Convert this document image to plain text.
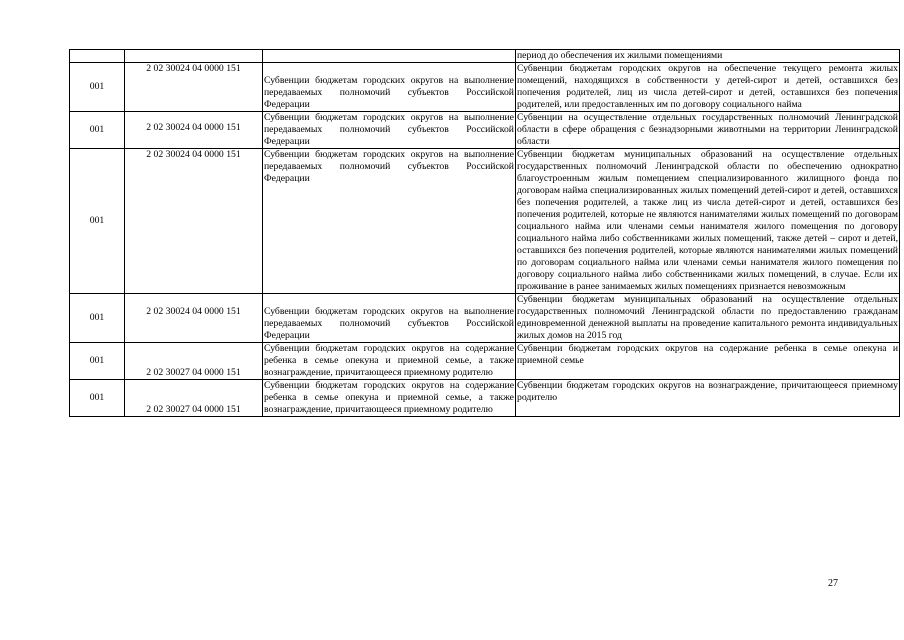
			период до обеспечения их жилыми помещениями
001	2 02 30024 04 0000 151	Субвенции бюджетам городских округов на выполнение передаваемых полномочий субъектов Российской Федерации	Субвенции бюджетам городских округов на обеспечение текущего ремонта жилых помещений, находящихся в собственности у детей-сирот и детей, оставшихся без попечения родителей, лиц из числа детей-сирот и детей, оставшихся без попечения родителей, или предоставленных им по договору социального найма
001	2 02 30024 04 0000 151	Субвенции бюджетам городских округов на выполнение передаваемых полномочий субъектов Российской Федерации	Субвенции на осуществление отдельных государственных полномочий Ленинградской области в сфере обращения с безнадзорными животными на территории Ленинградской области
001	2 02 30024 04 0000 151	Субвенции бюджетам городских округов на выполнение передаваемых полномочий субъектов Российской Федерации	Субвенции бюджетам муниципальных образований на осуществление отдельных государственных полномочий Ленинградской области по обеспечению однократно благоустроенным жилым помещением специализированного жилищного фонда по договорам найма специализированных жилых помещений детей-сирот и детей, оставшихся без попечения родителей, а также лиц из числа детей-сирот и детей, оставшихся без попечения родителей, которые не являются нанимателями жилых помещений по договорам социального найма или членами семьи нанимателя жилого помещения по договору социального найма либо собственниками жилых помещений, также детей – сирот и детей, оставшихся без попечения родителей, которые являются нанимателями жилых помещений по договорам социального найма или членами семьи нанимателя жилого помещения по договору социального найма либо собственниками жилых помещений, в случае. Если их проживание в ранее занимаемых жилых помещениях признается невозможным
001	2 02 30024 04 0000 151	Субвенции бюджетам городских округов на выполнение передаваемых полномочий субъектов Российской Федерации	Субвенции бюджетам муниципальных образований на осуществление отдельных государственных полномочий Ленинградской области по предоставлению гражданам единовременной денежной выплаты на проведение капитального ремонта индивидуальных жилых домов на 2015 год
001	2 02 30027 04 0000 151	Субвенции бюджетам городских округов на содержание ребенка в семье опекуна и приемной семье, а также вознаграждение, причитающееся приемному родителю	Субвенции бюджетам городских округов на содержание ребенка в семье опекуна и приемной семье
001	2 02 30027 04 0000 151	Субвенции бюджетам городских округов на содержание ребенка в семье опекуна и приемной семье, а также вознаграждение, причитающееся приемному родителю	Субвенции бюджетам городских округов на вознаграждение, причитающееся приемному родителю
27
